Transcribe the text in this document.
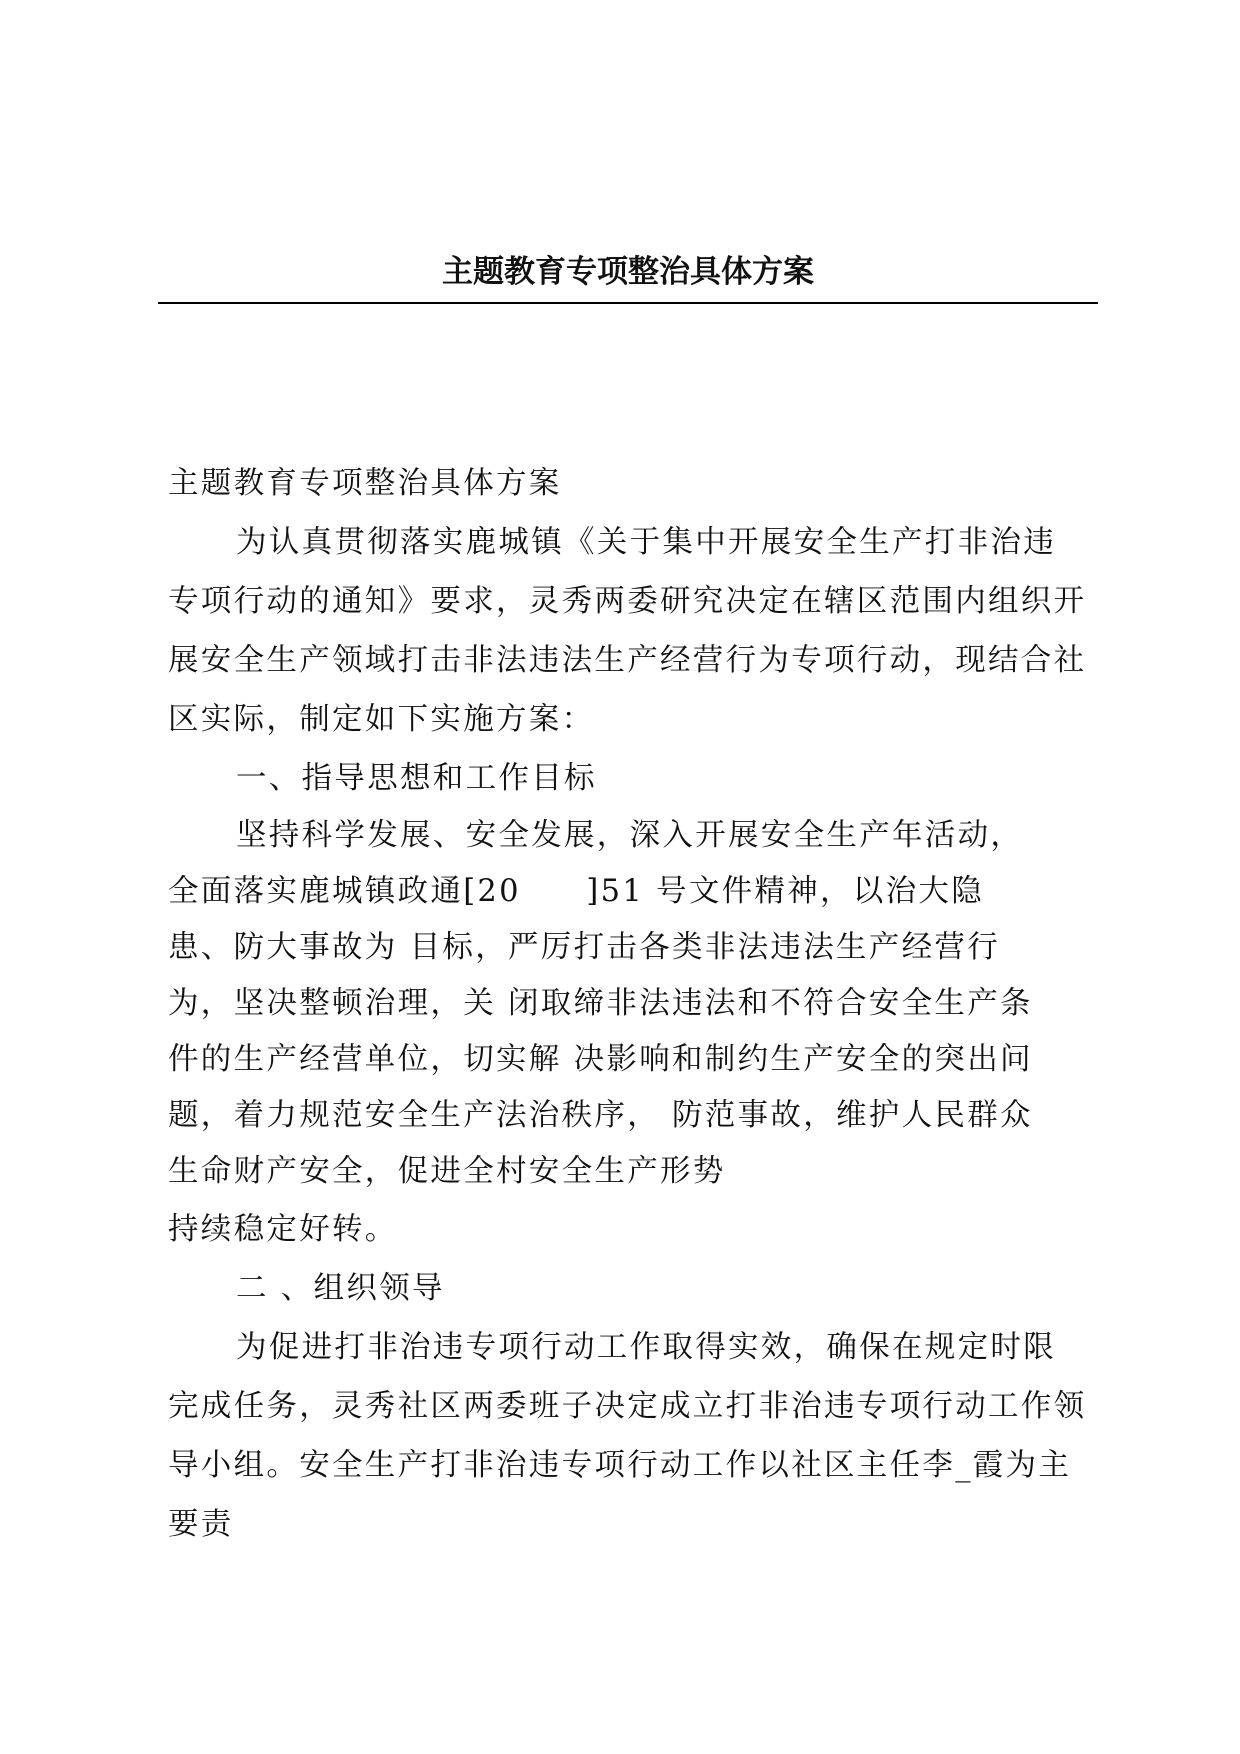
主题教育专项整治具体方案

主题教育专项整治具体方案

为认真贯彻落实鹿城镇《关于集中开展安全生产打非治违专项行动的通知》要求，灵秀两委研究决定在辖区范围内组织开展安全生产领域打击非法违法生产经营行为专项行动，现结合社区实际，制定如下实施方案：

一、指导思想和工作目标

坚持科学发展、安全发展，深入开展安全生产年活动，全面落实鹿城镇政通[20　　]51 号文件精神，以治大隐患、防大事故为 目标，严厉打击各类非法违法生产经营行为，坚决整顿治理，关 闭取缔非法违法和不符合安全生产条件的生产经营单位，切实解 决影响和制约生产安全的突出问题，着力规范安全生产法治秩序， 防范事故，维护人民群众生命财产安全，促进全村安全生产形势

持续稳定好转。

二 、组织领导

为促进打非治违专项行动工作取得实效，确保在规定时限完成任务，灵秀社区两委班子决定成立打非治违专项行动工作领导小组。安全生产打非治违专项行动工作以社区主任李_霞为主要责
